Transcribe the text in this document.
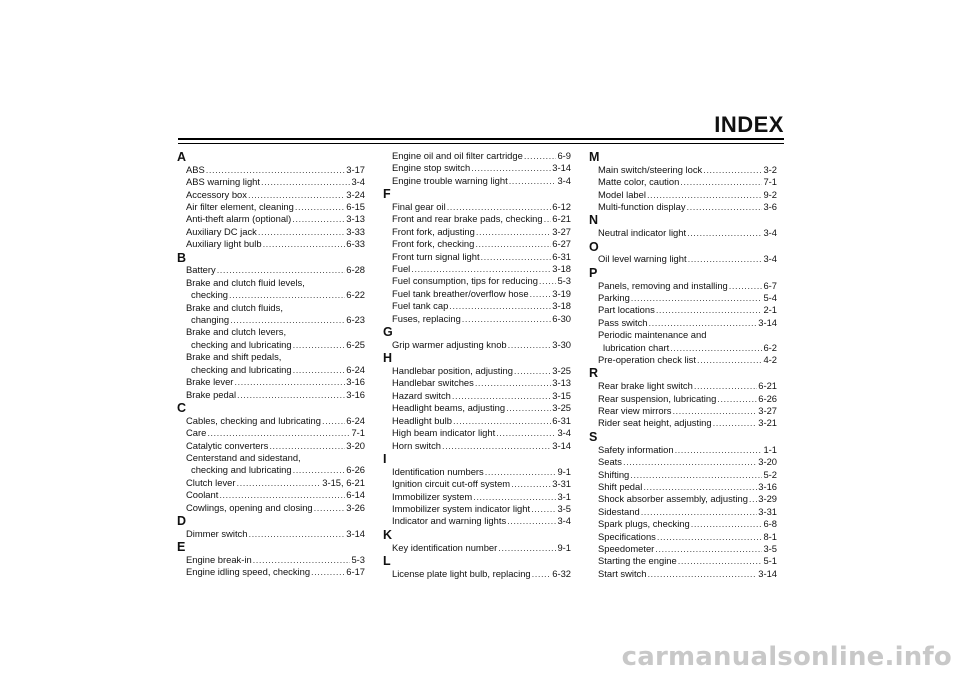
INDEX
A
ABS .....	3-17
ABS warning light .....	3-4
Accessory box .....	3-24
Air filter element, cleaning .....	6-15
Anti-theft alarm (optional) .....	3-13
Auxiliary DC jack .....	3-33
Auxiliary light bulb .....	6-33
B
Battery .....	6-28
Brake and clutch fluid levels,
checking .....	6-22
Brake and clutch fluids,
changing .....	6-23
Brake and clutch levers,
checking and lubricating .....	6-25
Brake and shift pedals,
checking and lubricating .....	6-24
Brake lever .....	3-16
Brake pedal .....	3-16
C
Cables, checking and lubricating .....	6-24
Care .....	7-1
Catalytic converters .....	3-20
Centerstand and sidestand,
checking and lubricating .....	6-26
Clutch lever .....	3-15, 6-21
Coolant .....	6-14
Cowlings, opening and closing .....	3-26
D
Dimmer switch .....	3-14
E
Engine break-in .....	5-3
Engine idling speed, checking .....	6-17
Engine oil and oil filter cartridge .....	6-9
Engine stop switch .....	3-14
Engine trouble warning light .....	3-4
F
Final gear oil .....	6-12
Front and rear brake pads, checking ..... 6-21
Front fork, adjusting .....	3-27
Front fork, checking .....	6-27
Front turn signal light .....	6-31
Fuel .....	3-18
Fuel consumption, tips for reducing ..... 5-3
Fuel tank breather/overflow hose .....	3-19
Fuel tank cap .....	3-18
Fuses, replacing .....	6-30
G
Grip warmer adjusting knob .....	3-30
H
Handlebar position, adjusting .....	3-25
Handlebar switches .....	3-13
Hazard switch .....	3-15
Headlight beams, adjusting .....	3-25
Headlight bulb .....	6-31
High beam indicator light .....	3-4
Horn switch .....	3-14
I
Identification numbers .....	9-1
Ignition circuit cut-off system .....	3-31
Immobilizer system .....	3-1
Immobilizer system indicator light .....	3-5
Indicator and warning lights .....	3-4
K
Key identification number .....	9-1
L
License plate light bulb, replacing ..... 6-32
M
Main switch/steering lock .....	3-2
Matte color, caution .....	7-1
Model label .....	9-2
Multi-function display .....	3-6
N
Neutral indicator light .....	3-4
O
Oil level warning light .....	3-4
P
Panels, removing and installing .....	6-7
Parking .....	5-4
Part locations .....	2-1
Pass switch .....	3-14
Periodic maintenance and
lubrication chart .....	6-2
Pre-operation check list .....	4-2
R
Rear brake light switch .....	6-21
Rear suspension, lubricating .....	6-26
Rear view mirrors .....	3-27
Rider seat height, adjusting .....	3-21
S
Safety information .....	1-1
Seats .....	3-20
Shifting .....	5-2
Shift pedal .....	3-16
Shock absorber assembly, adjusting ..... 3-29
Sidestand .....	3-31
Spark plugs, checking .....	6-8
Specifications .....	8-1
Speedometer .....	3-5
Starting the engine .....	5-1
Start switch .....	3-14
carmanualsonline.info
